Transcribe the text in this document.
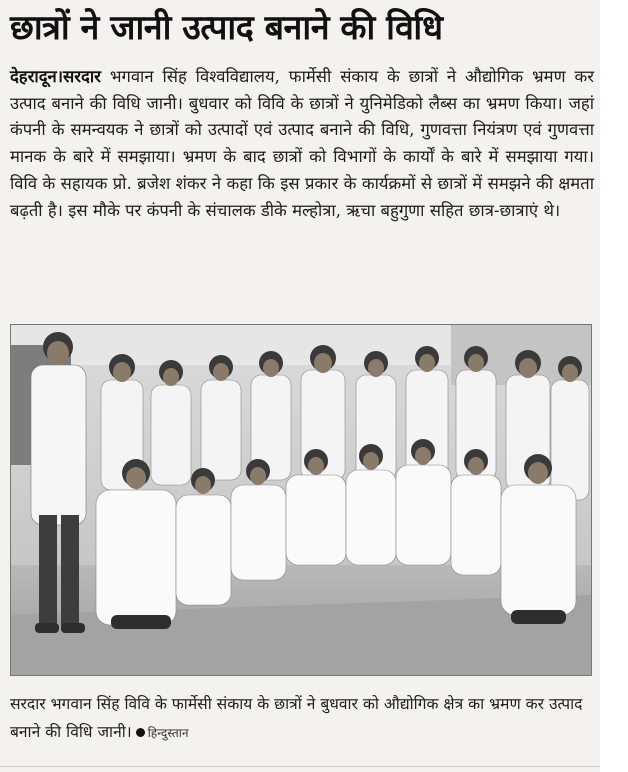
छात्रों ने जानी उत्पाद बनाने की विधि
देहरादून।सरदार भगवान सिंह विश्वविद्यालय, फार्मेसी संकाय के छात्रों ने औद्योगिक भ्रमण कर उत्पाद बनाने की विधि जानी। बुधवार को विवि के छात्रों ने युनिमेडिको लैब्स का भ्रमण किया। जहां कंपनी के समन्वयक ने छात्रों को उत्पादों एवं उत्पाद बनाने की विधि, गुणवत्ता नियंत्रण एवं गुणवत्ता मानक के बारे में समझाया। भ्रमण के बाद छात्रों को विभागों के कार्यों के बारे में समझाया गया। विवि के सहायक प्रो. ब्रजेश शंकर ने कहा कि इस प्रकार के कार्यक्रमों से छात्रों में समझने की क्षमता बढ़ती है। इस मौके पर कंपनी के संचालक डीके मल्होत्रा, ऋचा बहुगुणा सहित छात्र-छात्राएं थे।
सरदार भगवान सिंह विवि के फार्मेसी संकाय के छात्रों ने बुधवार को औद्योगिक क्षेत्र का भ्रमण कर उत्पाद बनाने की विधि जानी। हिन्दुस्तान
